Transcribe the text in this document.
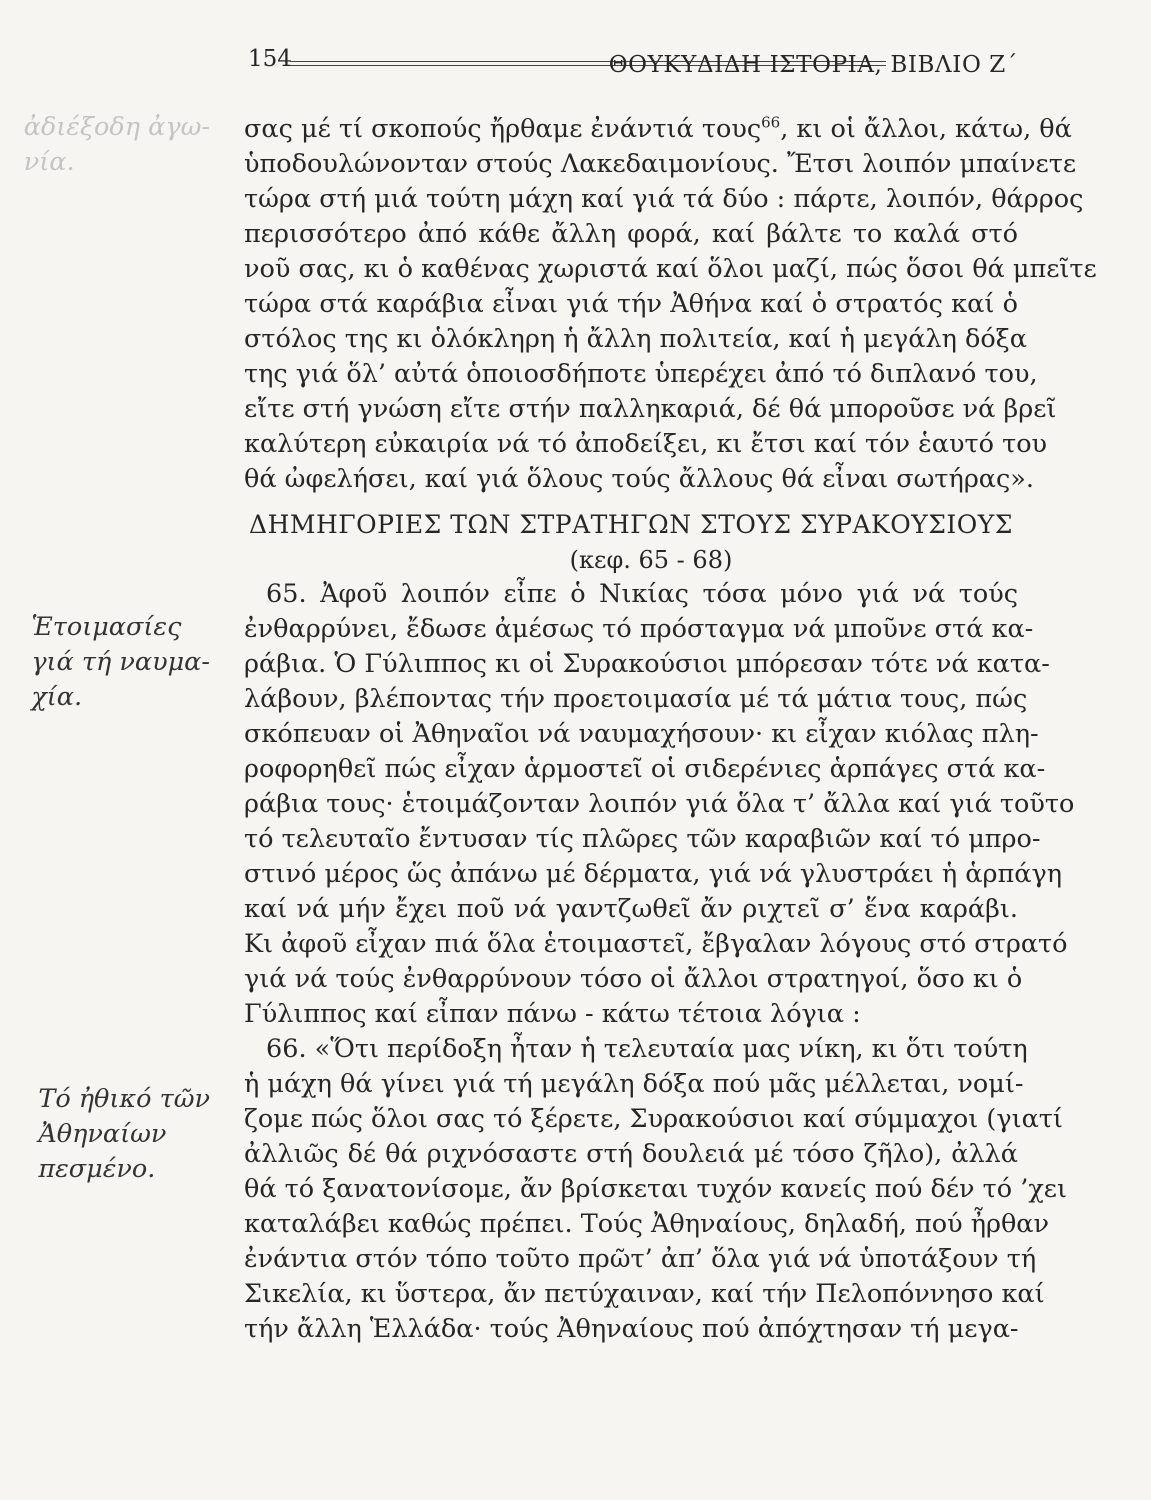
154	ΘΟΥΚΥΔΙΔΗ ΙΣΤΟΡΙΑ, ΒΙΒΛΙΟ Ζ΄
ἀδιέξοδη ἀγω-
νία.
Ἑτοιμασίες
γιά τή ναυμα-
χία.
Τό ἠθικό τῶν
Ἀθηναίων
πεσμένο.
σας μέ τί σκοπούς ἤρθαμε ἐνάντιά τους$^{66}$, κι οἱ ἄλλοι, κάτω, θά
ὑποδουλώνονταν στούς Λακεδαιμονίους. Ἔτσι λοιπόν μπαίνετε
τώρα στή μιά τούτη μάχη καί γιά τά δύο : πάρτε, λοιπόν, θάρρος
περισσότερο ἀπό κάθε ἄλλη φορά, καί βάλτε το καλά στό
νοῦ σας, κι ὁ καθένας χωριστά καί ὅλοι μαζί, πώς ὅσοι θά μπεῖτε
τώρα στά καράβια εἶναι γιά τήν Ἀθήνα καί ὁ στρατός καί ὁ
στόλος της κι ὁλόκληρη ἡ ἄλλη πολιτεία, καί ἡ μεγάλη δόξα
της γιά ὅλ’ αὐτά ὁποιοσδήποτε ὑπερέχει ἀπό τό διπλανό του,
εἴτε στή γνώση εἴτε στήν παλληκαριά, δέ θά μποροῦσε νά βρεῖ
καλύτερη εὐκαιρία νά τό ἀποδείξει, κι ἔτσι καί τόν ἑαυτό του
θά ὠφελήσει, καί γιά ὅλους τούς ἄλλους θά εἶναι σωτήρας».
ΔΗΜΗΓΟΡΙΕΣ ΤΩΝ ΣΤΡΑΤΗΓΩΝ ΣΤΟΥΣ ΣΥΡΑΚΟΥΣΙΟΥΣ
(κεφ. 65 - 68)
65. Ἀφοῦ λοιπόν εἶπε ὁ Νικίας τόσα μόνο γιά νά τούς
ἐνθαρρύνει, ἔδωσε ἀμέσως τό πρόσταγμα νά μποῦνε στά κα-
ράβια. Ὁ Γύλιππος κι οἱ Συρακούσιοι μπόρεσαν τότε νά κατα-
λάβουν, βλέποντας τήν προετοιμασία μέ τά μάτια τους, πώς
σκόπευαν οἱ Ἀθηναῖοι νά ναυμαχήσουν· κι εἶχαν κιόλας πλη-
ροφορηθεῖ πώς εἶχαν ἁρμοστεῖ οἱ σιδερένιες ἁρπάγες στά κα-
ράβια τους· ἑτοιμάζονταν λοιπόν γιά ὅλα τ’ ἄλλα καί γιά τοῦτο
τό τελευταῖο ἔντυσαν τίς πλῶρες τῶν καραβιῶν καί τό μπρο-
στινό μέρος ὥς ἀπάνω μέ δέρματα, γιά νά γλυστράει ἡ ἁρπάγη
καί νά μήν ἔχει ποῦ νά γαντζωθεῖ ἄν ριχτεῖ σ’ ἕνα καράβι.
Κι ἀφοῦ εἶχαν πιά ὅλα ἑτοιμαστεῖ, ἔβγαλαν λόγους στό στρατό
γιά νά τούς ἐνθαρρύνουν τόσο οἱ ἄλλοι στρατηγοί, ὅσο κι ὁ
Γύλιππος καί εἶπαν πάνω - κάτω τέτοια λόγια :
66. «Ὅτι περίδοξη ἦταν ἡ τελευταία μας νίκη, κι ὅτι τούτη
ἡ μάχη θά γίνει γιά τή μεγάλη δόξα πού μᾶς μέλλεται, νομί-
ζομε πώς ὅλοι σας τό ξέρετε, Συρακούσιοι καί σύμμαχοι (γιατί
ἀλλιῶς δέ θά ριχνόσαστε στή δουλειά μέ τόσο ζῆλο), ἀλλά
θά τό ξανατονίσομε, ἄν βρίσκεται τυχόν κανείς πού δέν τό ’χει
καταλάβει καθώς πρέπει. Τούς Ἀθηναίους, δηλαδή, πού ἦρθαν
ἐνάντια στόν τόπο τοῦτο πρῶτ’ ἀπ’ ὅλα γιά νά ὑποτάξουν τή
Σικελία, κι ὕστερα, ἄν πετύχαιναν, καί τήν Πελοπόννησο καί
τήν ἄλλη Ἑλλάδα· τούς Ἀθηναίους πού ἀπόχτησαν τή μεγα-
